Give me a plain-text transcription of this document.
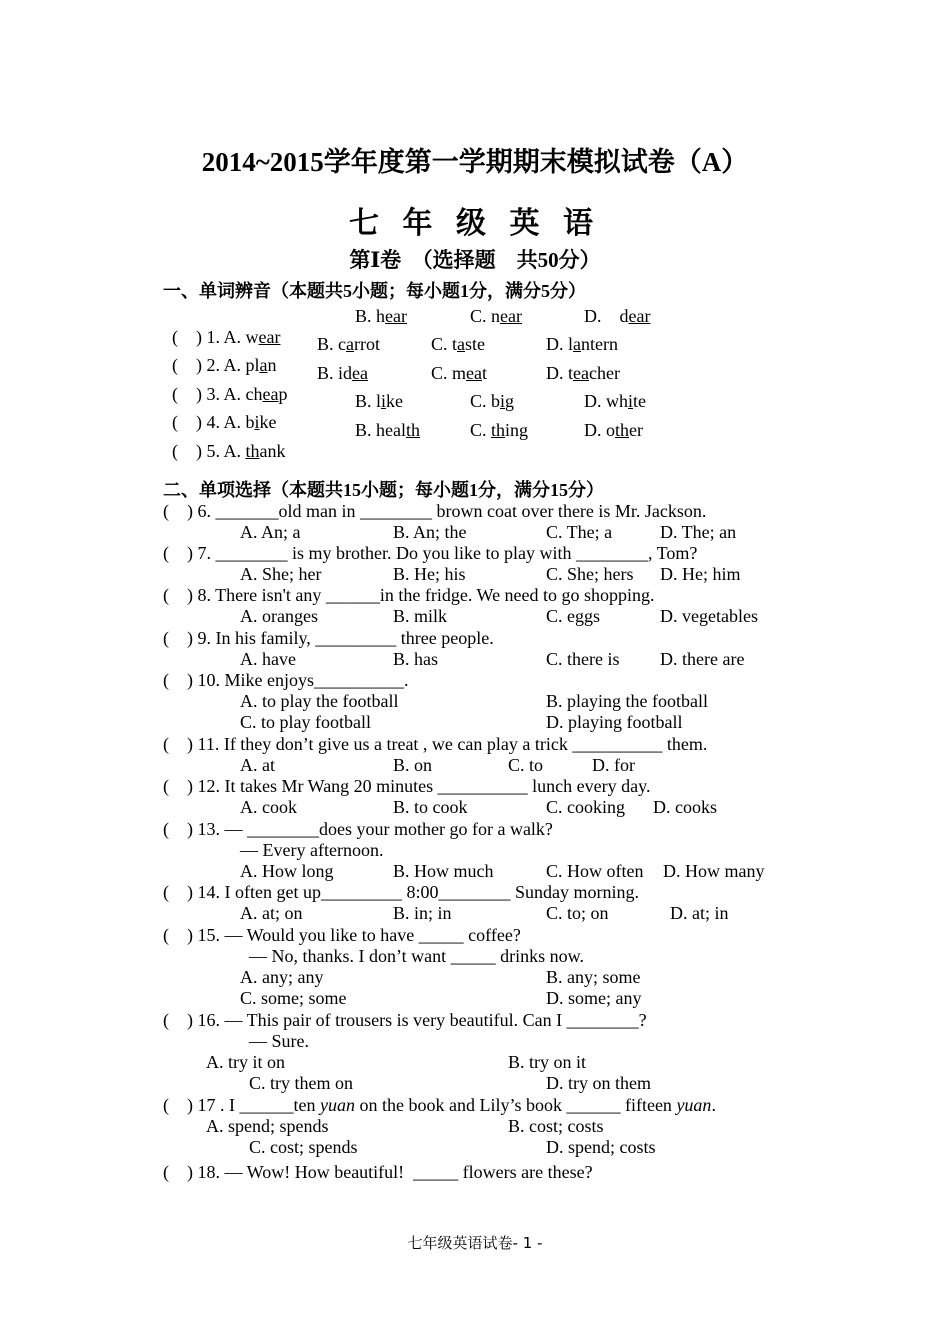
2014~2015学年度第一学期期末模拟试卷（A）
七 年 级 英 语
第Ⅰ卷　（选择题　共50分）
一、单词辨音（本题共5小题；每小题1分，满分5分）

(    ) 1. A. wear

B. hear

	C. near

	D.    dear

(    ) 2. A. plan

B. carrot

	C. taste

	D. lantern

(    ) 3. A. cheap

B. idea

	C. meat

	D. teacher

(    ) 4. A. bike

B. like

	C. big

	D. white

(    ) 5. A. thank

B. health

	C. thing

	D. other

二、单项选择（本题共15小题；每小题1分，满分15分）
(    ) 6. _______old man in ________ brown coat over there is Mr. Jackson.

A. An; a	B. An; the	C. The; a	D. The; an

(    ) 7. ________ is my brother. Do you like to play with ________, Tom?

A. She; her	B. He; his	C. She; hers D. He; him

(    ) 8. There isn't any ______in the fridge. We need to go shopping.

A. oranges	B. milk	C. eggs	D. vegetables

(    ) 9. In his family, _________ three people.

A. have	B. has	C. there is D. there are

(    ) 10. Mike enjoys__________.

A. to play the football	B. playing the football

C. to play football	D. playing football

(    ) 11. If they don’t give us a treat , we can play a trick __________ them.

A. at	B. on	C. to	D. for

(    ) 12. It takes Mr Wang 20 minutes __________ lunch every day.

A. cook	B. to cook	C. cooking D. cooks

(    ) 13. — ________does your mother go for a walk?

— Every afternoon.

A. How long	B. How much	C. How often D. How many

(    ) 14. I often get up_________ 8:00________ Sunday morning.

A. at; on	B. in; in	C. to; on	D. at; in

(    ) 15. — Would you like to have _____ coffee?

— No, thanks. I don’t want _____ drinks now.

A. any; any	B. any; some

C. some; some	D. some; any

(    ) 16. — This pair of trousers is very beautiful. Can I ________?

— Sure.

A. try it on	B. try on it

C. try them on	D. try on them

(    ) 17 . I ______ten yuan on the book and Lily’s book ______ fifteen yuan.

A. spend; spends	B. cost; costs

C. cost; spends	D. spend; costs

(    ) 18. — Wow! How beautiful!  _____ flowers are these?
七年级英语试卷- 1 -
